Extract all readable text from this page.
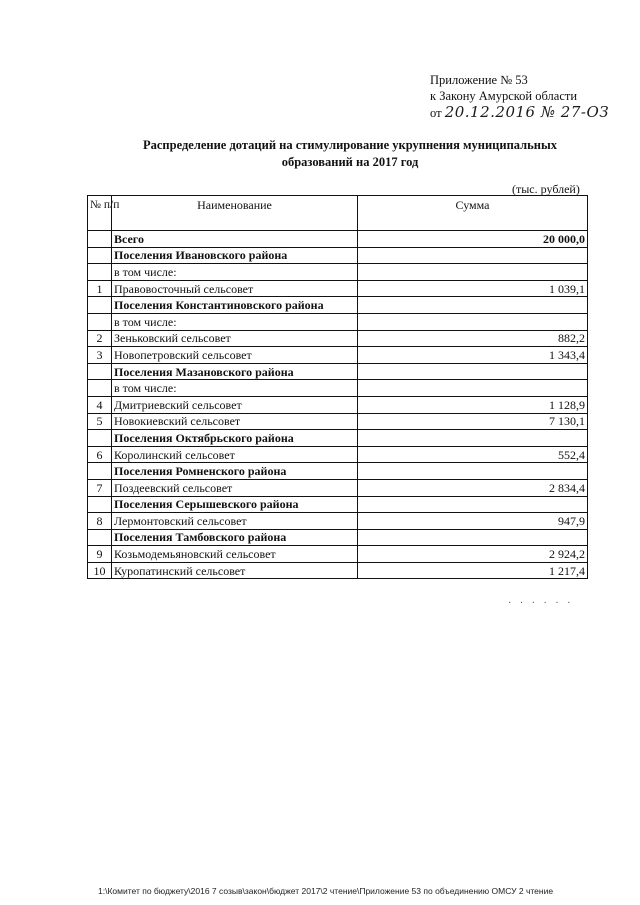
Приложение № 53
к Закону Амурской области
от 20.12.2016 № 27-ОЗ
Распределение дотаций на стимулирование укрупнения муниципальных
образований на 2017 год
(тыс. рублей)
№ п/п	Наименование	Сумма
	Всего	20 000,0
	Поселения Ивановского района	
	в том числе:	
1	Правовосточный сельсовет	1 039,1
	Поселения Константиновского района	
	в том числе:	
2	Зеньковский сельсовет	882,2
3	Новопетровский сельсовет	1 343,4
	Поселения Мазановского района	
	в том числе:	
4	Дмитриевский сельсовет	1 128,9
5	Новокиевский сельсовет	7 130,1
	Поселения Октябрьского района	
6	Королинский сельсовет	552,4
	Поселения Ромненского района	
7	Поздеевский сельсовет	2 834,4
	Поселения Серышевского района	
8	Лермонтовский сельсовет	947,9
	Поселения Тамбовского района	
9	Козьмодемьяновский сельсовет	2 924,2
10	Куропатинский сельсовет	1 217,4
· · · · · ·
1:\Комитет по бюджету\2016 7 созыв\закон\бюджет 2017\2 чтение\Приложение 53 по объединению ОМСУ 2 чтение
